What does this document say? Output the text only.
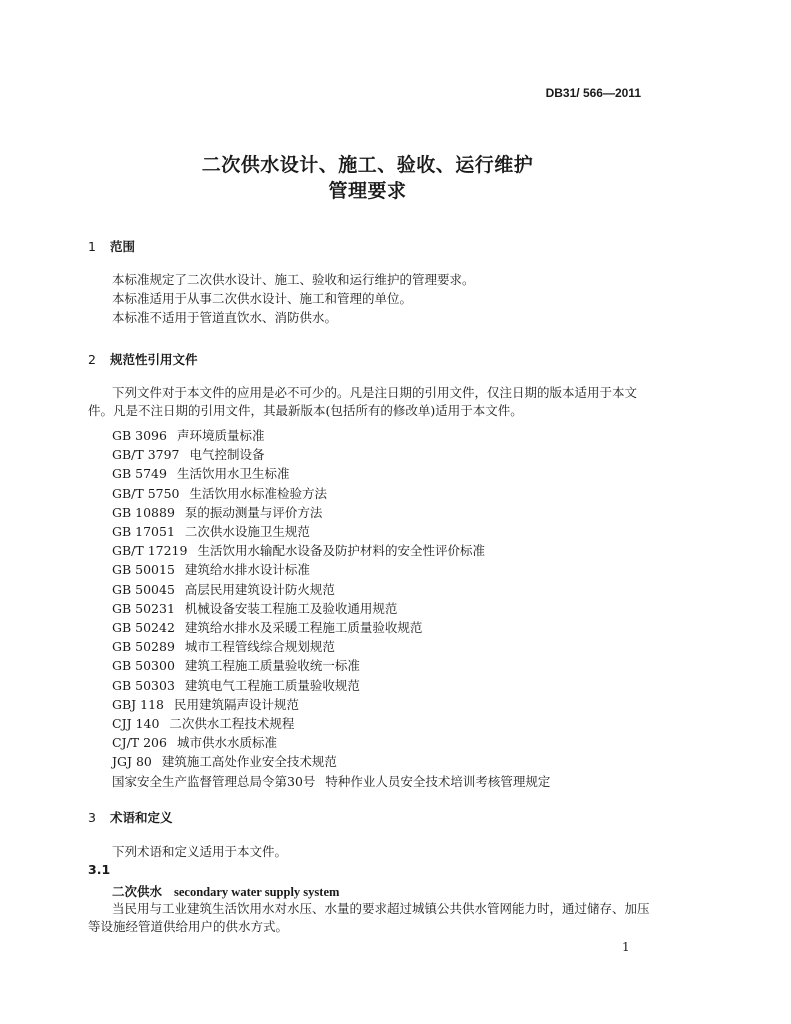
DB31/ 566—2011
二次供水设计、施工、验收、运行维护
管理要求
1 范围
本标准规定了二次供水设计、施工、验收和运行维护的管理要求。
本标准适用于从事二次供水设计、施工和管理的单位。
本标准不适用于管道直饮水、消防供水。
2 规范性引用文件
下列文件对于本文件的应用是必不可少的。凡是注日期的引用文件，仅注日期的版本适用于本文件。凡是不注日期的引用文件，其最新版本(包括所有的修改单)适用于本文件。
GB 3096 声环境质量标准
GB/T 3797 电气控制设备
GB 5749 生活饮用水卫生标准
GB/T 5750 生活饮用水标准检验方法
GB 10889 泵的振动测量与评价方法
GB 17051 二次供水设施卫生规范
GB/T 17219 生活饮用水输配水设备及防护材料的安全性评价标准
GB 50015 建筑给水排水设计标准
GB 50045 高层民用建筑设计防火规范
GB 50231 机械设备安装工程施工及验收通用规范
GB 50242 建筑给水排水及采暖工程施工质量验收规范
GB 50289 城市工程管线综合规划规范
GB 50300 建筑工程施工质量验收统一标准
GB 50303 建筑电气工程施工质量验收规范
GBJ 118 民用建筑隔声设计规范
CJJ 140 二次供水工程技术规程
CJ/T 206 城市供水水质标准
JGJ 80 建筑施工高处作业安全技术规范
国家安全生产监督管理总局令第30号 特种作业人员安全技术培训考核管理规定
3 术语和定义
下列术语和定义适用于本文件。
3.1
二次供水 secondary water supply system
当民用与工业建筑生活饮用水对水压、水量的要求超过城镇公共供水管网能力时，通过储存、加压等设施经管道供给用户的供水方式。
1
